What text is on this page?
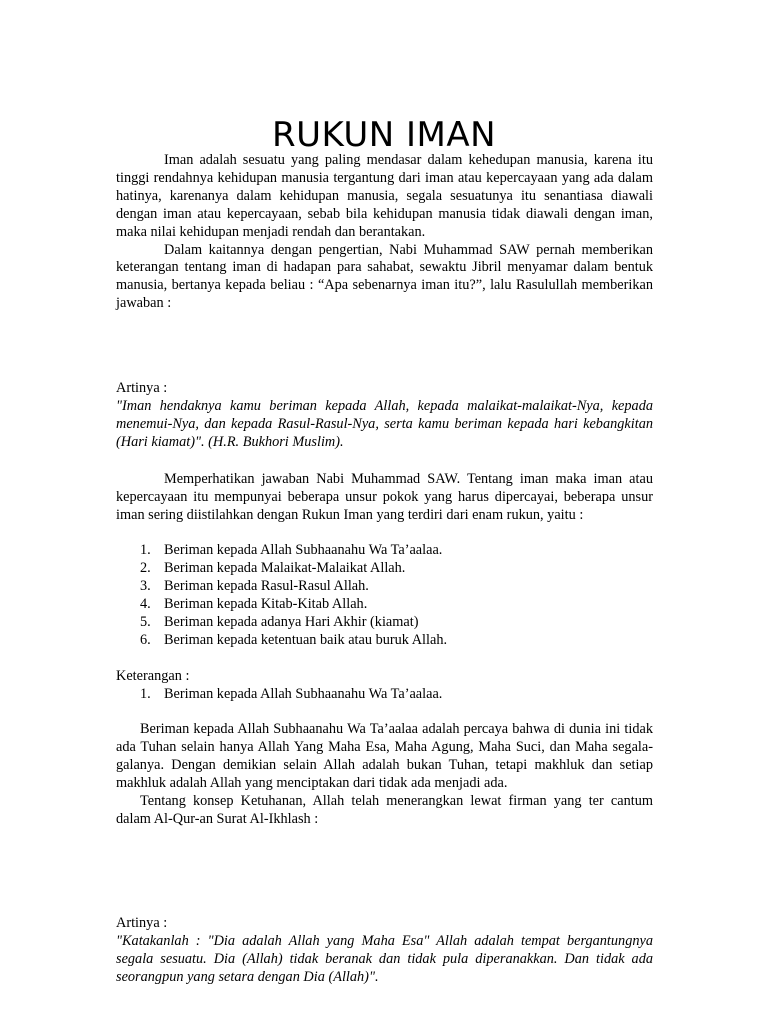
RUKUN IMAN

Iman adalah sesuatu yang paling mendasar dalam kehedupan manusia, karena itu tinggi rendahnya kehidupan manusia tergantung dari iman atau kepercayaan yang ada dalam hatinya, karenanya dalam kehidupan manusia, segala sesuatunya itu senantiasa diawali dengan iman atau kepercayaan, sebab bila kehidupan manusia tidak diawali dengan iman, maka nilai kehidupan menjadi rendah dan berantakan.

Dalam kaitannya dengan pengertian, Nabi Muhammad SAW pernah memberikan keterangan tentang iman di hadapan para sahabat, sewaktu Jibril menyamar dalam bentuk manusia, bertanya kepada beliau : “Apa sebenarnya iman itu?”, lalu Rasulullah memberikan jawaban :

Artinya :

"Iman hendaknya kamu beriman kepada Allah, kepada malaikat-malaikat-Nya, kepada menemui-Nya, dan kepada Rasul-Rasul-Nya, serta kamu beriman kepada hari kebangkitan (Hari kiamat)". (H.R. Bukhori Muslim).

Memperhatikan jawaban Nabi Muhammad SAW. Tentang iman maka iman atau kepercayaan itu mempunyai beberapa unsur pokok yang harus dipercayai, beberapa unsur iman sering diistilahkan dengan Rukun Iman yang terdiri dari enam rukun, yaitu :

1. Beriman kepada Allah Subhaanahu Wa Ta’aalaa.
2. Beriman kepada Malaikat-Malaikat Allah.
3. Beriman kepada Rasul-Rasul Allah.
4. Beriman kepada Kitab-Kitab Allah.
5. Beriman kepada adanya Hari Akhir (kiamat)
6. Beriman kepada ketentuan baik atau buruk Allah.

Keterangan :

1. Beriman kepada Allah Subhaanahu Wa Ta’aalaa.

Beriman kepada Allah Subhaanahu Wa Ta’aalaa adalah percaya bahwa di dunia ini tidak ada Tuhan selain hanya Allah Yang Maha Esa, Maha Agung, Maha Suci, dan Maha segala-galanya. Dengan demikian selain Allah adalah bukan Tuhan, tetapi makhluk dan setiap makhluk adalah Allah yang menciptakan dari tidak ada menjadi ada.

Tentang konsep Ketuhanan, Allah telah menerangkan lewat firman yang ter cantum dalam Al-Qur-an Surat Al-Ikhlash :

Artinya :

"Katakanlah : "Dia adalah Allah yang Maha Esa" Allah adalah tempat bergantungnya segala sesuatu. Dia (Allah) tidak beranak dan tidak pula diperanakkan. Dan tidak ada seorangpun yang setara dengan Dia (Allah)".
